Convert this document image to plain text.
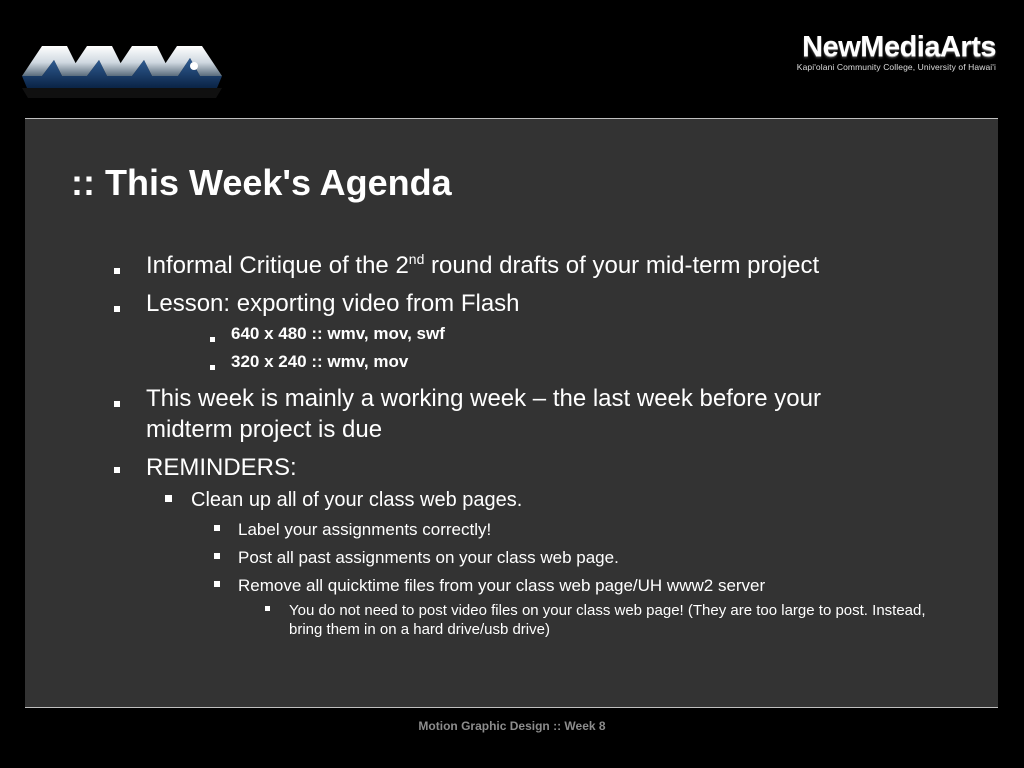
NewMediaArts
Kapi'olani Community College, University of Hawai'i
:: This Week's Agenda
Informal Critique of the 2nd round drafts of your mid-term project
Lesson: exporting video from Flash
640 x 480 :: wmv, mov, swf
320 x 240 :: wmv, mov
This week is mainly a working week – the last week before your midterm project is due
REMINDERS:
Clean up all of your class web pages.
Label your assignments correctly!
Post all past assignments on your class web page.
Remove all quicktime files from your class web page/UH www2 server
You do not need to post video files on your class web page! (They are too large to post. Instead, bring them in on a hard drive/usb drive)
Motion Graphic Design :: Week 8
